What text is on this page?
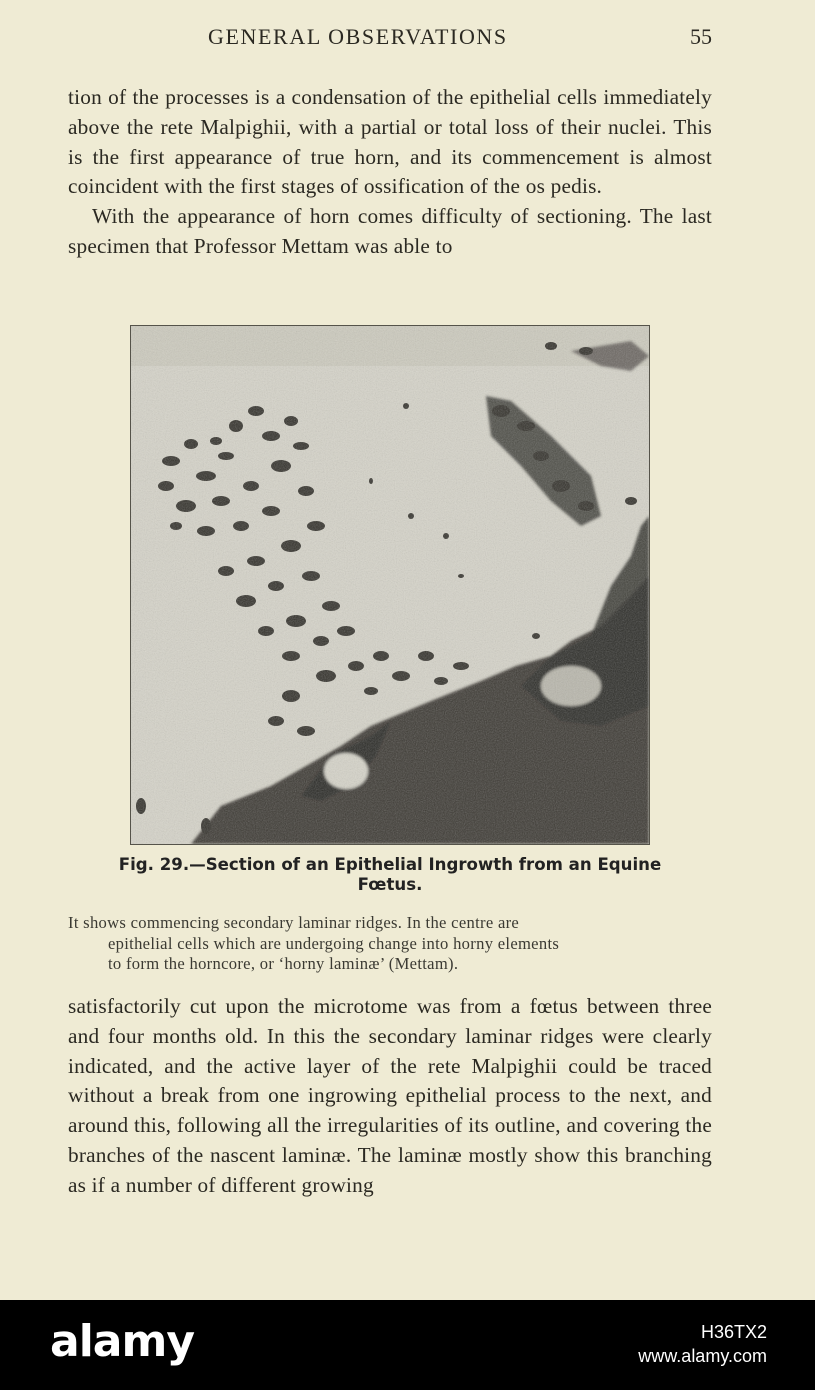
GENERAL OBSERVATIONS	55

tion of the processes is a condensation of the epithelial cells immediately above the rete Malpighii, with a partial or total loss of their nuclei. This is the first appearance of true horn, and its commencement is almost coincident with the first stages of ossification of the os pedis.

With the appearance of horn comes difficulty of sectioning. The last specimen that Professor Mettam was able to

Fig. 29.—Section of an Epithelial Ingrowth from an Equine
Fœtus.
It shows commencing secondary laminar ridges. In the centre are
epithelial cells which are undergoing change into horny elements
to form the horncore, or ‘horny laminæ’ (Mettam).

satisfactorily cut upon the microtome was from a fœtus between three and four months old. In this the secondary laminar ridges were clearly indicated, and the active layer of the rete Malpighii could be traced without a break from one ingrowing epithelial process to the next, and around this, following all the irregularities of its outline, and covering the branches of the nascent laminæ. The laminæ mostly show this branching as if a number of different growing

alamy	H36TX2
www.alamy.com
